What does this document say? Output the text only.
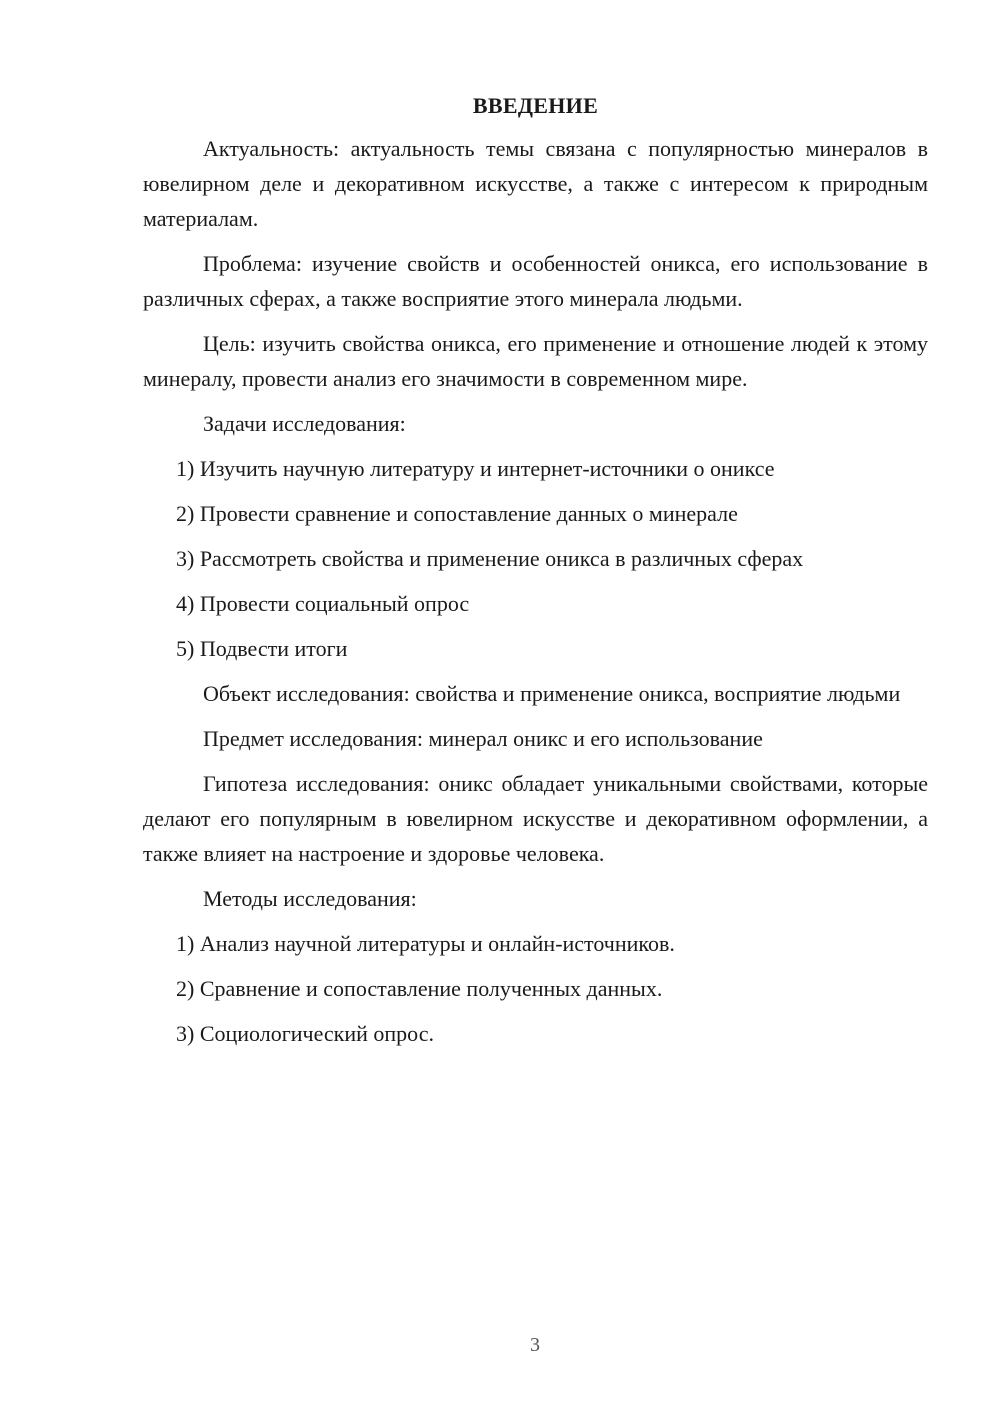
ВВЕДЕНИЕ

Актуальность: актуальность темы связана с популярностью минералов в ювелирном деле и декоративном искусстве, а также с интересом к природным материалам.

Проблема: изучение свойств и особенностей оникса, его использование в различных сферах, а также восприятие этого минерала людьми.

Цель: изучить свойства оникса, его применение и отношение людей к этому минералу, провести анализ его значимости в современном мире.

Задачи исследования:

1) Изучить научную литературу и интернет-источники о ониксе
2) Провести сравнение и сопоставление данных о минерале
3) Рассмотреть свойства и применение оникса в различных сферах
4) Провести социальный опрос
5) Подвести итоги

Объект исследования: свойства и применение оникса, восприятие людьми

Предмет исследования: минерал оникс и его использование

Гипотеза исследования: оникс обладает уникальными свойствами, которые делают его популярным в ювелирном искусстве и декоративном оформлении, а также влияет на настроение и здоровье человека.

Методы исследования:

1) Анализ научной литературы и онлайн-источников.
2) Сравнение и сопоставление полученных данных.
3) Социологический опрос.
3
